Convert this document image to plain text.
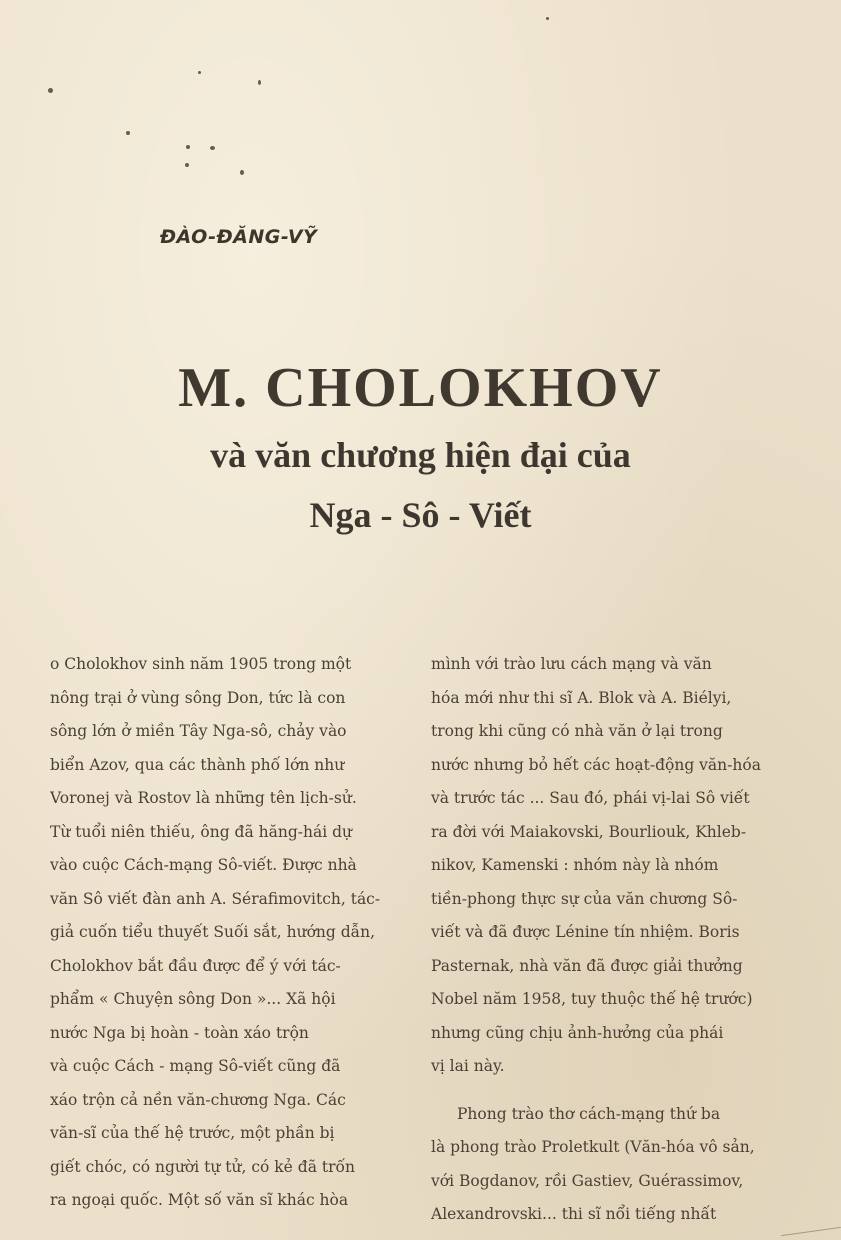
ĐÀO-ĐĂNG-VỸ
M. CHOLOKHOV
và văn chương hiện đại của
Nga - Sô - Viết
o Cholokhov sinh năm 1905 trong một
nông trại ở vùng sông Don, tức là con
sông lớn ở miền Tây Nga-sô, chảy vào
biển Azov, qua các thành phố lớn như
Voronej và Rostov là những tên lịch-sử.
Từ tuổi niên thiếu, ông đã hăng-hái dự
vào cuộc Cách-mạng Sô-viết. Được nhà
văn Sô viết đàn anh A. Sérafimovitch, tác-
giả cuốn tiểu thuyết Suối sắt, hướng dẫn,
Cholokhov bắt đầu được để ý với tác-
phẩm « Chuyện sông Don »... Xã hội
nước Nga bị hoàn - toàn xáo trộn
và cuộc Cách - mạng Sô-viết cũng đã
xáo trộn cả nền văn-chương Nga. Các
văn-sĩ của thế hệ trước, một phần bị
giết chóc, có người tự tử, có kẻ đã trốn
ra ngoại quốc. Một số văn sĩ khác hòa
mình với trào lưu cách mạng và văn
hóa mới như thi sĩ A. Blok và A. Biélyi,
trong khi cũng có nhà văn ở lại trong
nước nhưng bỏ hết các hoạt-động văn-hóa
và trước tác ... Sau đó, phái vị-lai Sô viết
ra đời với Maiakovski, Bourliouk, Khleb-
nikov, Kamenski : nhóm này là nhóm
tiền-phong thực sự của văn chương Sô-
viết và đã được Lénine tín nhiệm. Boris
Pasternak, nhà văn đã được giải thưởng
Nobel năm 1958, tuy thuộc thế hệ trước)
nhưng cũng chịu ảnh-hưởng của phái
vị lai này.
Phong trào thơ cách-mạng thứ ba
là phong trào Proletkult (Văn-hóa vô sản,
với Bogdanov, rồi Gastiev, Guérassimov,
Alexandrovski... thi sĩ nổi tiếng nhất
